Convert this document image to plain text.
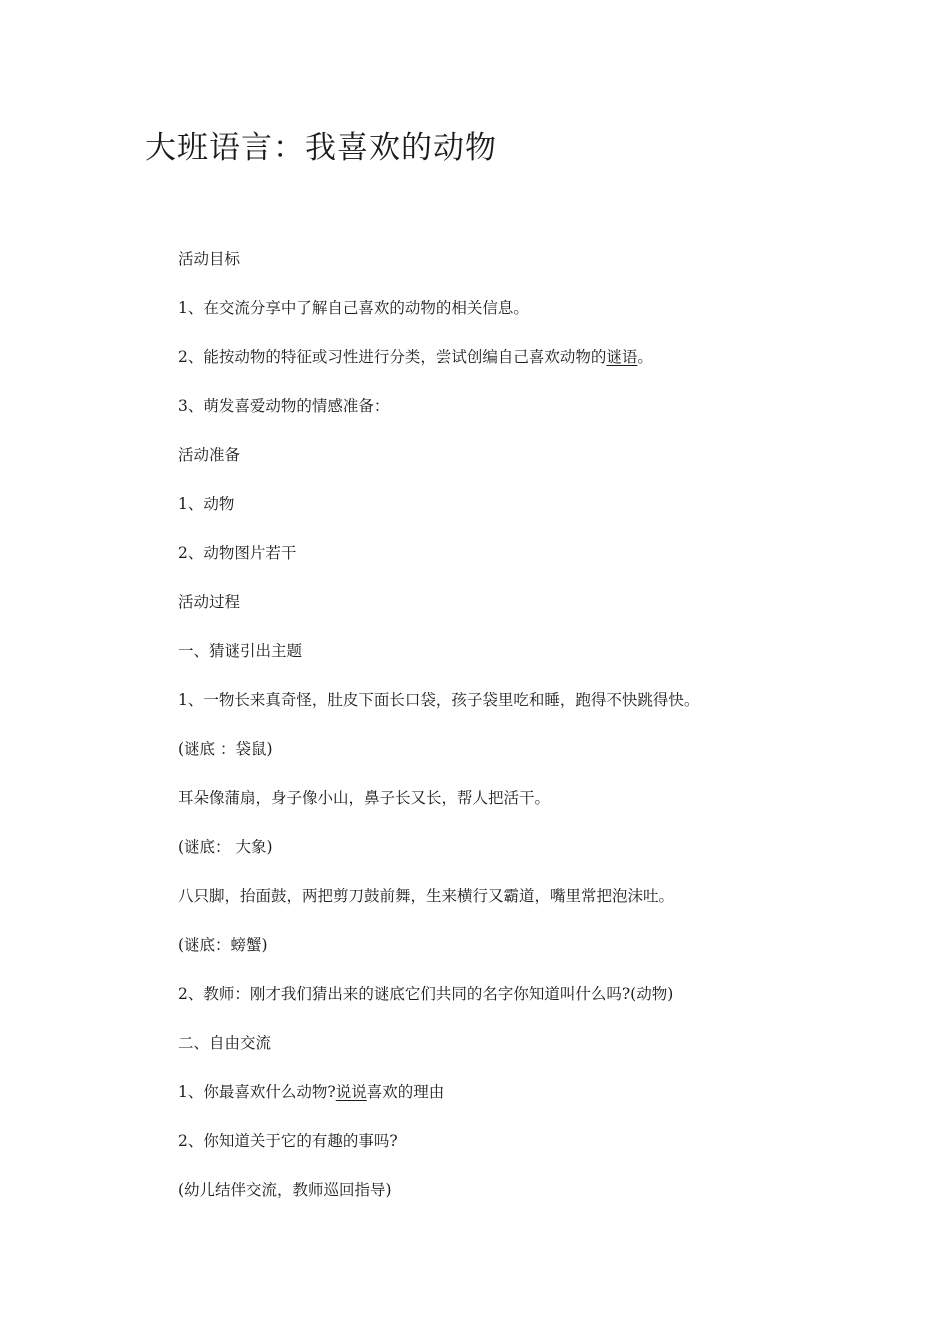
大班语言：我喜欢的动物
活动目标
1、在交流分享中了解自己喜欢的动物的相关信息。
2、能按动物的特征或习性进行分类，尝试创编自己喜欢动物的谜语。
3、萌发喜爱动物的情感准备：
活动准备
1、动物
2、动物图片若干
活动过程
一、猜谜引出主题
1、一物长来真奇怪，肚皮下面长口袋，孩子袋里吃和睡，跑得不快跳得快。
(谜底 ：袋鼠)
耳朵像蒲扇，身子像小山，鼻子长又长，帮人把活干。
(谜底： 大象)
八只脚，抬面鼓，两把剪刀鼓前舞，生来横行又霸道，嘴里常把泡沫吐。
(谜底：螃蟹)
2、教师：刚才我们猜出来的谜底它们共同的名字你知道叫什么吗?(动物)
二、自由交流
1、你最喜欢什么动物?说说喜欢的理由
2、你知道关于它的有趣的事吗?
(幼儿结伴交流，教师巡回指导)
